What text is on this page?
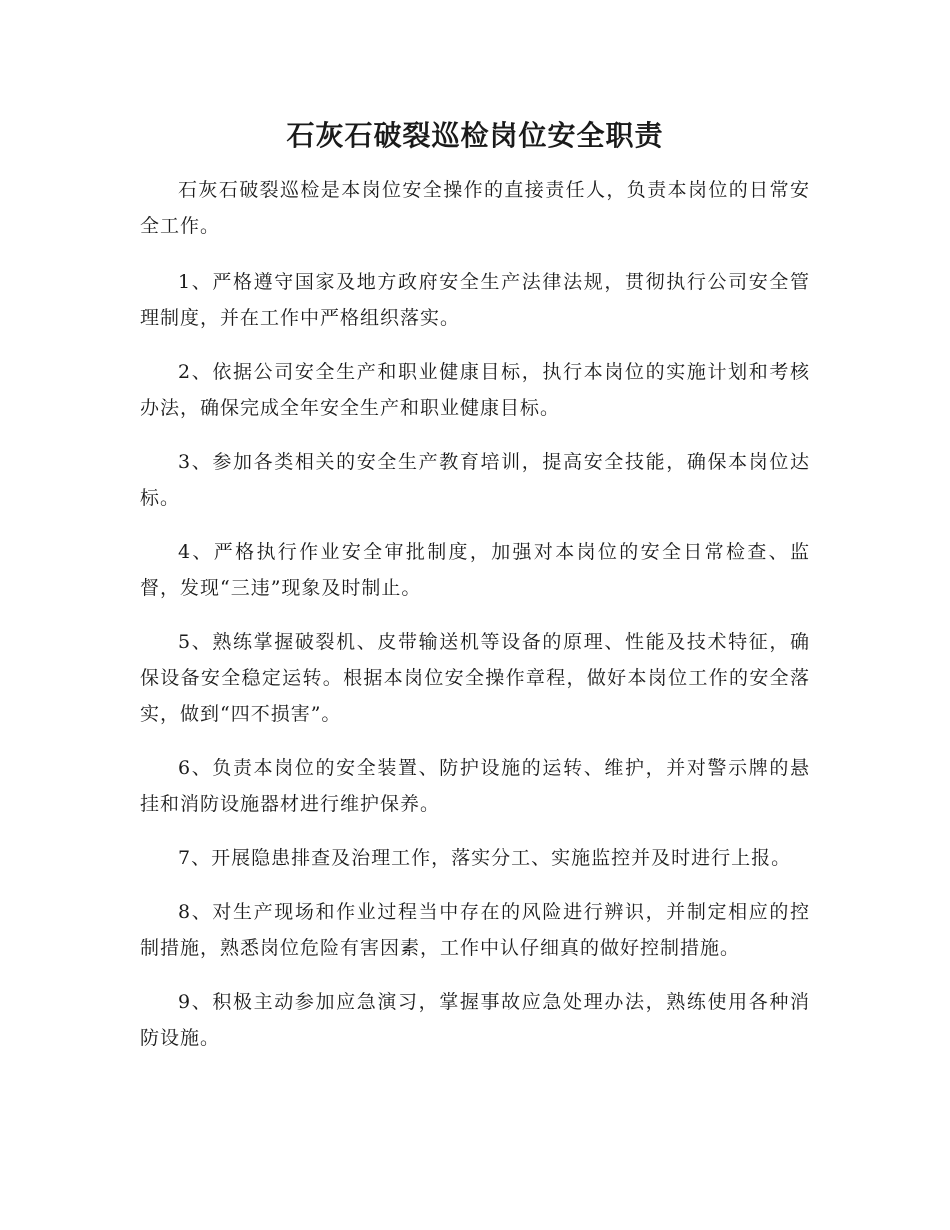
石灰石破裂巡检岗位安全职责

石灰石破裂巡检是本岗位安全操作的直接责任人，负责本岗位的日常安全工作。

1、严格遵守国家及地方政府安全生产法律法规，贯彻执行公司安全管理制度，并在工作中严格组织落实。

2、依据公司安全生产和职业健康目标，执行本岗位的实施计划和考核办法，确保完成全年安全生产和职业健康目标。

3、参加各类相关的安全生产教育培训，提高安全技能，确保本岗位达标。

4、严格执行作业安全审批制度，加强对本岗位的安全日常检查、监督，发现“三违”现象及时制止。

5、熟练掌握破裂机、皮带输送机等设备的原理、性能及技术特征，确保设备安全稳定运转。根据本岗位安全操作章程，做好本岗位工作的安全落实，做到“四不损害”。

6、负责本岗位的安全装置、防护设施的运转、维护，并对警示牌的悬挂和消防设施器材进行维护保养。

7、开展隐患排查及治理工作，落实分工、实施监控并及时进行上报。

8、对生产现场和作业过程当中存在的风险进行辨识，并制定相应的控制措施，熟悉岗位危险有害因素，工作中认仔细真的做好控制措施。

9、积极主动参加应急演习，掌握事故应急处理办法，熟练使用各种消防设施。
